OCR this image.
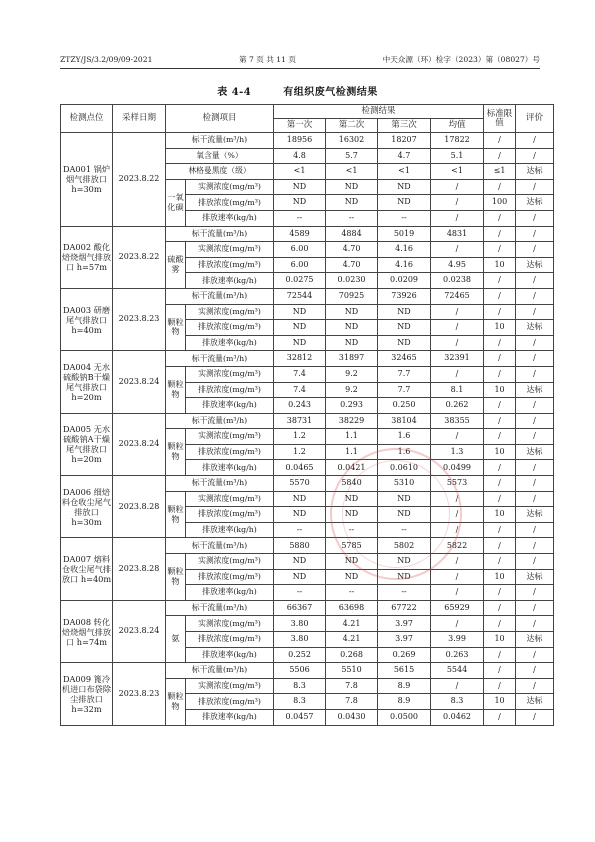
ZTZY/JS/3.2/09/09-2021	第 7 页 共 11 页	中天众源（环）检字（2023）第（08027）号
表 4-4	有组织废气检测结果
检测点位	采样日期	检测项目		检测结果				标准限值	评价
				第一次	第二次	第三次	均值		
DA001 锅炉烟气排放口 h=30m	2023.8.22	标干流量(m³/h)		18956	16302	18207	17822	/	/
		氧含量（%）		4.8	5.7	4.7	5.1	/	/
		林格曼黑度（级）		<1	<1	<1	<1	≤1	达标
		一氧化碳	实测浓度(mg/m³)	ND	ND	ND	/	/	/
			排放浓度(mg/m³)	ND	ND	ND	/	100	达标
			排放速率(kg/h)	--	--	--	/	/	/
DA002 酸化焙烧烟气排放口 h=57m	2023.8.22	标干流量(m³/h)		4589	4884	5019	4831	/	/
		硫酸雾	实测浓度(mg/m³)	6.00	4.70	4.16	/	/	/
			排放浓度(mg/m³)	6.00	4.70	4.16	4.95	10	达标
			排放速率(kg/h)	0.0275	0.0230	0.0209	0.0238	/	/
DA003 研磨尾气排放口 h=40m	2023.8.23	标干流量(m³/h)		72544	70925	73926	72465	/	/
		颗粒物	实测浓度(mg/m³)	ND	ND	ND	/	/	/
			排放浓度(mg/m³)	ND	ND	ND	/	10	达标
			排放速率(kg/h)	ND	ND	ND	/	/	/
DA004 无水硫酸钠B干燥尾气排放口 h=20m	2023.8.24	标干流量(m³/h)		32812	31897	32465	32391	/	/
		颗粒物	实测浓度(mg/m³)	7.4	9.2	7.7	/	/	/
			排放浓度(mg/m³)	7.4	9.2	7.7	8.1	10	达标
			排放速率(kg/h)	0.243	0.293	0.250	0.262	/	/
DA005 无水硫酸钠A干燥尾气排放口 h=20m	2023.8.24	标干流量(m³/h)		38731	38229	38104	38355	/	/
		颗粒物	实测浓度(mg/m³)	1.2	1.1	1.6	/	/	/
			排放浓度(mg/m³)	1.2	1.1	1.6	1.3	10	达标
			排放速率(kg/h)	0.0465	0.0421	0.0610	0.0499	/	/
DA006 细焙料仓收尘尾气排放口 h=30m	2023.8.28	标干流量(m³/h)		5570	5840	5310	5573	/	/
		颗粒物	实测浓度(mg/m³)	ND	ND	ND	/	/	/
			排放浓度(mg/m³)	ND	ND	ND	/	10	达标
			排放速率(kg/h)	--	--	--	/	/	/
DA007 熔料仓收尘尾气排放口 h=40m	2023.8.28	标干流量(m³/h)		5880	5785	5802	5822	/	/
		颗粒物	实测浓度(mg/m³)	ND	ND	ND	/	/	/
			排放浓度(mg/m³)	ND	ND	ND	/	10	达标
			排放速率(kg/h)	--	--	--	/	/	/
DA008 转化焙烧烟气排放口 h=74m	2023.8.24	标干流量(m³/h)		66367	63698	67722	65929	/	/
		氨	实测浓度(mg/m³)	3.80	4.21	3.97	/	/	/
			排放浓度(mg/m³)	3.80	4.21	3.97	3.99	10	达标
			排放速率(kg/h)	0.252	0.268	0.269	0.263	/	/
DA009 篦冷机进口布袋除尘排放口 h=32m	2023.8.23	标干流量(m³/h)		5506	5510	5615	5544	/	/
		颗粒物	实测浓度(mg/m³)	8.3	7.8	8.9	/	/	/
			排放浓度(mg/m³)	8.3	7.8	8.9	8.3	10	达标
			排放速率(kg/h)	0.0457	0.0430	0.0500	0.0462	/	/
